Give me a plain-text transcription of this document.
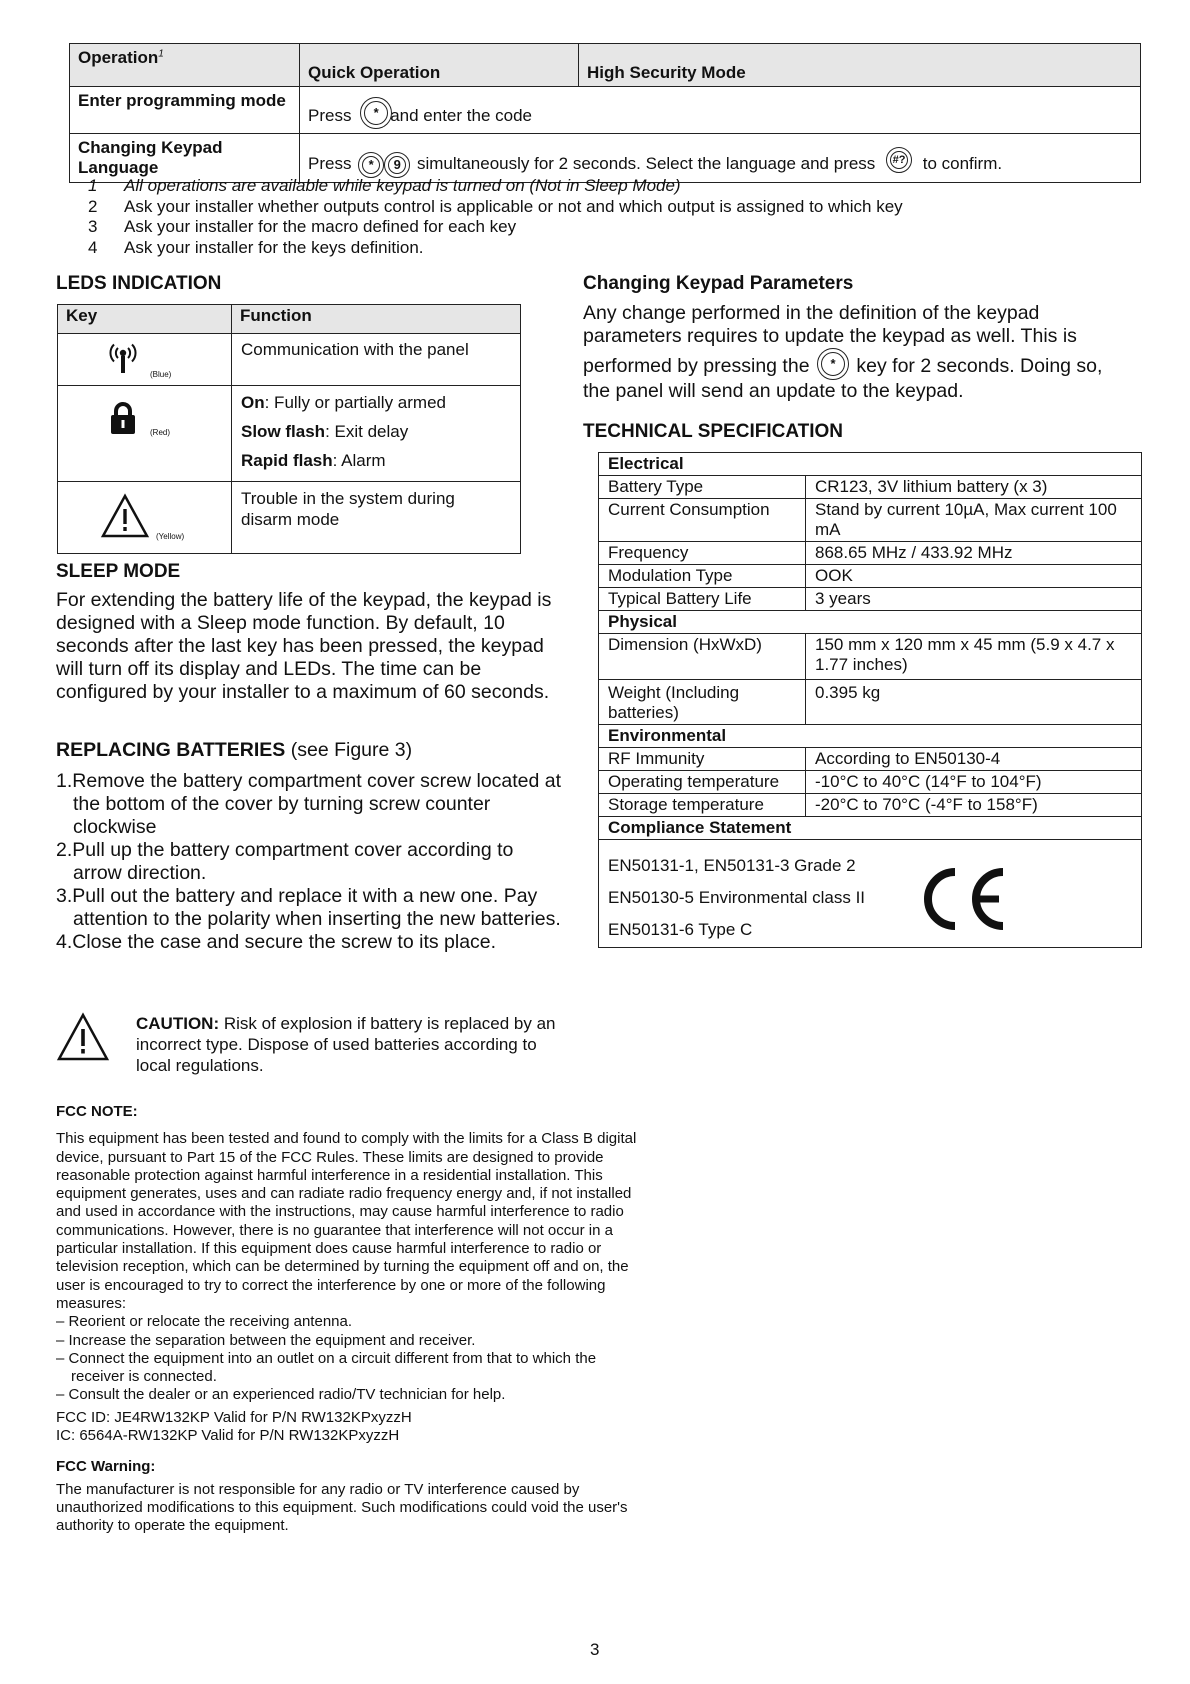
Operation$^1$	Quick Operation	High Security Mode
Enter programming mode	Press * and enter the code	
Changing Keypad Language	Press * 9 simultaneously for 2 seconds. Select the language and press #? to confirm.	
1	All operations are available while keypad is turned on (Not in Sleep Mode)
2	Ask your installer whether outputs control is applicable or not and which output is assigned to which key
3	Ask your installer for the macro defined for each key
4	Ask your installer for the keys definition.
LEDS INDICATION
Key	Function

(Blue)	Communication with the panel

(Red)	On: Fully or partially armed

Slow flash: Exit delay

Rapid flash: Alarm

(Yellow)	Trouble in the system during disarm mode
SLEEP MODE
For extending the battery life of the keypad, the keypad is designed with a Sleep mode function. By default, 10 seconds after the last key has been pressed, the keypad will turn off its display and LEDs. The time can be configured by your installer to a maximum of 60 seconds.
REPLACING BATTERIES (see Figure 3)
1.Remove the battery compartment cover screw located at the bottom of the cover by turning screw counter clockwise
2.Pull up the battery compartment cover according to arrow direction.
3.Pull out the battery and replace it with a new one. Pay attention to the polarity when inserting the new batteries.
4.Close the case and secure the screw to its place.
CAUTION: Risk of explosion if battery is replaced by an incorrect type. Dispose of used batteries according to local regulations.

FCC NOTE:

This equipment has been tested and found to comply with the limits for a Class B digital device, pursuant to Part 15 of the FCC Rules. These limits are designed to provide reasonable protection against harmful interference in a residential installation. This equipment generates, uses and can radiate radio frequency energy and, if not installed and used in accordance with the instructions, may cause harmful interference to radio communications. However, there is no guarantee that interference will not occur in a particular installation. If this equipment does cause harmful interference to radio or television reception, which can be determined by turning the equipment off and on, the user is encouraged to try to correct the interference by one or more of the following measures:

– Reorient or relocate the receiving antenna.

– Increase the separation between the equipment and receiver.

– Connect the equipment into an outlet on a circuit different from that to which the receiver is connected.

– Consult the dealer or an experienced radio/TV technician for help.

FCC ID: JE4RW132KP Valid for P/N RW132KPxyzzH

IC: 6564A-RW132KP Valid for P/N RW132KPxyzzH

FCC Warning:

The manufacturer is not responsible for any radio or TV interference caused by unauthorized modifications to this equipment. Such modifications could void the user's authority to operate the equipment.

Changing Keypad Parameters
Any change performed in the definition of the keypad parameters requires to update the keypad as well. This is performed by pressing the * key for 2 seconds. Doing so, the panel will send an update to the keypad.
TECHNICAL SPECIFICATION
Electrical	
Battery Type	CR123, 3V lithium battery (x 3)
Current Consumption	Stand by current 10µA, Max current 100 mA
Frequency	868.65 MHz / 433.92 MHz
Modulation Type	OOK
Typical Battery Life	3 years
Physical	
Dimension (HxWxD)	150 mm x 120 mm x 45 mm (5.9 x 4.7 x 1.77 inches)
Weight (Including batteries)	0.395 kg
Environmental	
RF Immunity	According to EN50130-4
Operating temperature	-10°C to 40°C (14°F to 104°F)
Storage temperature	-20°C to 70°C (-4°F to 158°F)
Compliance Statement	

EN50131-1, EN50131-3 Grade 2
EN50130-5 Environmental class II
EN50131-6 Type C	
3
